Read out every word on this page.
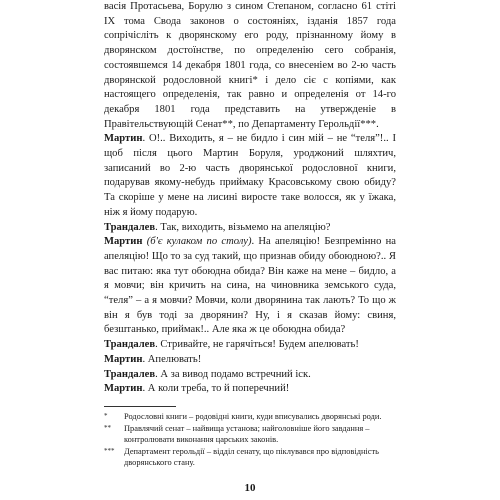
васія Протасьева, Борулю з сином Степаном, согласно 61 стіті IX тома Свода законов о состояніях, ізданія 1857 года сопрічісліть к дворянскому его роду, прізнанному йому в дворянском достоїнстве, по определенію сего собранія, состоявшемся 14 декабря 1801 года, со внесеніем во 2-ю часть дворянской родословной книгі* і дело сіє с копіями, как настоящего определенія, так равно и определенія от 14-го декабря 1801 года представить на утвержденіе в Правітельствующій Сенат**, по Департаменту Герольдії***.

Мартин. О!.. Виходить, я – не бидло і син мій – не “теля”!.. І щоб після цього Мартин Боруля, уроджоний шляхтич, записаний во 2-ю часть дворянської родословної книги, подарував якому-небудь приймаку Красовському свою обиду? Та скоріше у мене на лисині виросте таке волосся, як у їжака, ніж я йому подарую.

Трандалев. Так, виходить, візьмемо на апеляцію?

Мартин (б'є кулаком по столу). На апеляцію! Безпремінно на апеляцію! Що то за суд такий, що признав обиду обоюдною?.. Я вас питаю: яка тут обоюдна обида? Він каже на мене – бидло, а я мовчи; він кричить на сина, на чиновника земського суда, “теля” – а я мовчи? Мовчи, коли дворянина так лають? То що ж він я був тоді за дворянин? Ну, і я сказав йому: свиня, безштанько, приймак!.. Але яка ж це обоюдна обида?

Трандалев. Стривайте, не гарячіться! Будем апелювать!

Мартин. Апелювать!

Трандалев. А за вивод подамо встречний іск.

Мартин. А коли треба, то й поперечний!

* Родословні книги – родовідні книги, куди вписувались дворянські роди.
** Правлячий сенат – найвища установа; найголовніше його завдання – контролювати виконання царських законів.
*** Департамент герольдії – відділ сенату, що піклувався про відповідність дворянського стану.
10
